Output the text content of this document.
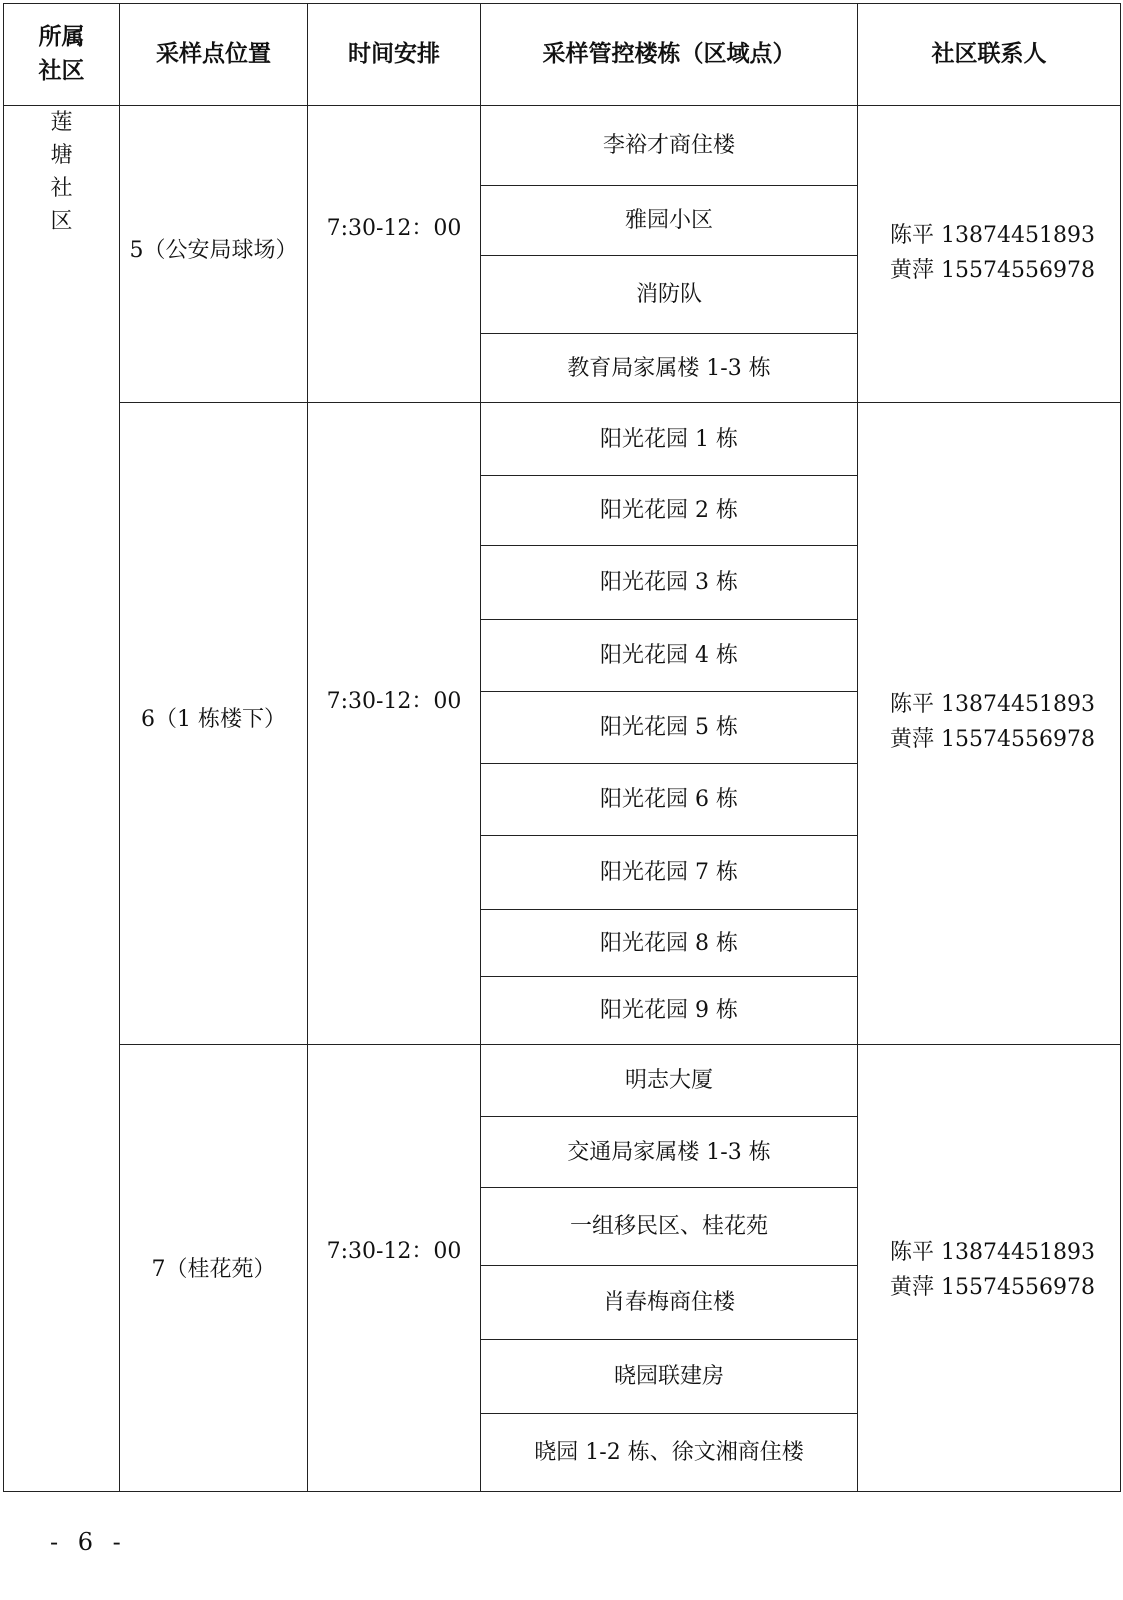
所属
社区	采样点位置	时间安排	采样管控楼栋（区域点）	社区联系人

莲
塘
社
区	5（公安局球场）	7:30-12：00	李裕才商住楼	陈平 13874451893
黄萍 15574556978

			雅园小区	
			消防队	
			教育局家属楼 1-3 栋	

	6（1 栋楼下）	7:30-12：00	阳光花园 1 栋	陈平 13874451893
黄萍 15574556978

			阳光花园 2 栋	
			阳光花园 3 栋	
			阳光花园 4 栋	
			阳光花园 5 栋	
			阳光花园 6 栋	
			阳光花园 7 栋	
			阳光花园 8 栋	
			阳光花园 9 栋	

	7（桂花苑）	7:30-12：00	明志大厦	陈平 13874451893
黄萍 15574556978

			交通局家属楼 1-3 栋	
			一组移民区、桂花苑	
			肖春梅商住楼	
			晓园联建房	
			晓园 1-2 栋、徐文湘商住楼	
- 6 -
